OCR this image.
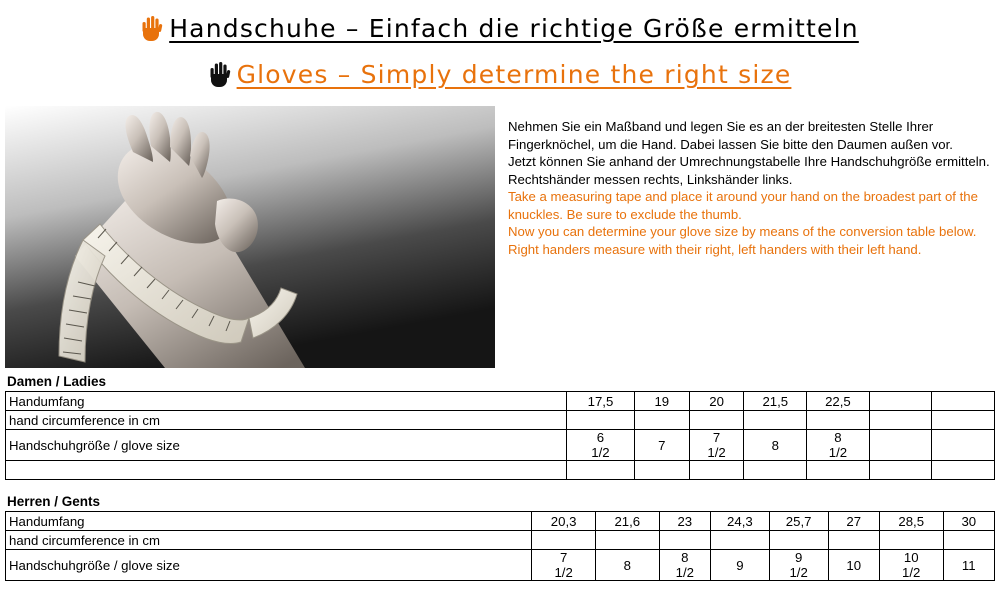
Handschuhe – Einfach die richtige Größe ermitteln
Gloves – Simply determine the right size

Nehmen Sie ein Maßband und legen Sie es an der breitesten Stelle Ihrer Fingerknöchel, um die Hand. Dabei lassen Sie bitte den Daumen außen vor.

Jetzt können Sie anhand der Umrechnungstabelle Ihre Handschuhgröße ermitteln.

Rechtshänder messen rechts, Linkshänder links.

Take a measuring tape and place it around your hand on the broadest part of the knuckles. Be sure to exclude the thumb.

Now you can determine your glove size by means of the conversion table below.

Right handers measure with their right, left handers with their left hand.

Damen / Ladies
Handumfang	17,5	19	20	21,5	22,5		
hand circumference in cm							
Handschuhgröße / glove size	6
1/2	7	7
1/2	8	8
1/2

Herren / Gents
Handumfang	20,3	21,6	23	24,3	25,7	27	28,5	30
hand circumference in cm								
Handschuhgröße / glove size	7
1/2	8	8
1/2	9	9
1/2	10	10
1/2	11
